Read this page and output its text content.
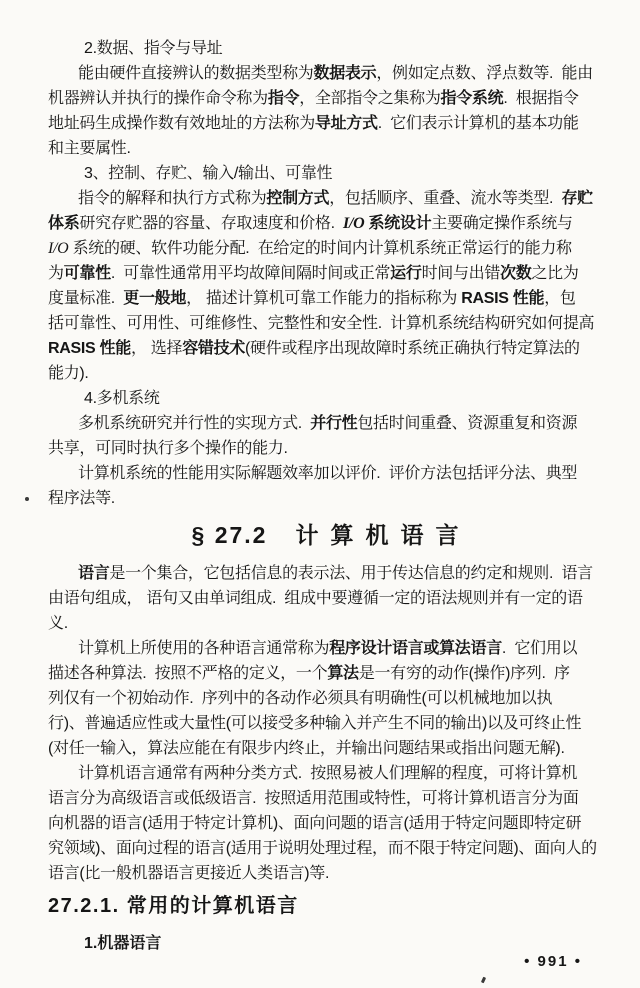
2.数据、指令与导址
能由硬件直接辨认的数据类型称为数据表示，例如定点数、浮点数等.  能由
机器辨认并执行的操作命令称为指令，全部指令之集称为指令系统.  根据指令
地址码生成操作数有效地址的方法称为导址方式.  它们表示计算机的基本功能
和主要属性.
3、控制、存贮、输入/输出、可靠性
指令的解释和执行方式称为控制方式，包括顺序、重叠、流水等类型.  存贮
体系研究存贮器的容量、存取速度和价格.  I/O 系统设计主要确定操作系统与
I/O 系统的硬、软件功能分配.  在给定的时间内计算机系统正常运行的能力称
为可靠性.  可靠性通常用平均故障间隔时间或正常运行时间与出错次数之比为
度量标准.  更一般地， 描述计算机可靠工作能力的指标称为 RASIS 性能，包
括可靠性、可用性、可维修性、完整性和安全性.  计算机系统结构研究如何提高
RASIS 性能， 选择容错技术(硬件或程序出现故障时系统正确执行特定算法的
能力).
4.多机系统
多机系统研究并行性的实现方式.  并行性包括时间重叠、资源重复和资源
共享，可同时执行多个操作的能力.
计算机系统的性能用实际解题效率加以评价.  评价方法包括评分法、典型
程序法等.
§ 27.2 计算机语言
语言是一个集合，它包括信息的表示法、用于传达信息的约定和规则.  语言
由语句组成， 语句又由单词组成.  组成中要遵循一定的语法规则并有一定的语
义.
计算机上所使用的各种语言通常称为程序设计语言或算法语言.  它们用以
描述各种算法.  按照不严格的定义，一个算法是一有穷的动作(操作)序列.  序
列仅有一个初始动作.  序列中的各动作必须具有明确性(可以机械地加以执
行)、普遍适应性或大量性(可以接受多种输入并产生不同的输出)以及可终止性
(对任一输入，算法应能在有限步内终止，并输出问题结果或指出问题无解).
计算机语言通常有两种分类方式.  按照易被人们理解的程度，可将计算机
语言分为高级语言或低级语言.  按照适用范围或特性，可将计算机语言分为面
向机器的语言(适用于特定计算机)、面向问题的语言(适用于特定问题即特定研
究领域)、面向过程的语言(适用于说明处理过程，而不限于特定问题)、面向人的
语言(比一般机器语言更接近人类语言)等.
27.2.1. 常用的计算机语言
1.机器语言
• 991 •
